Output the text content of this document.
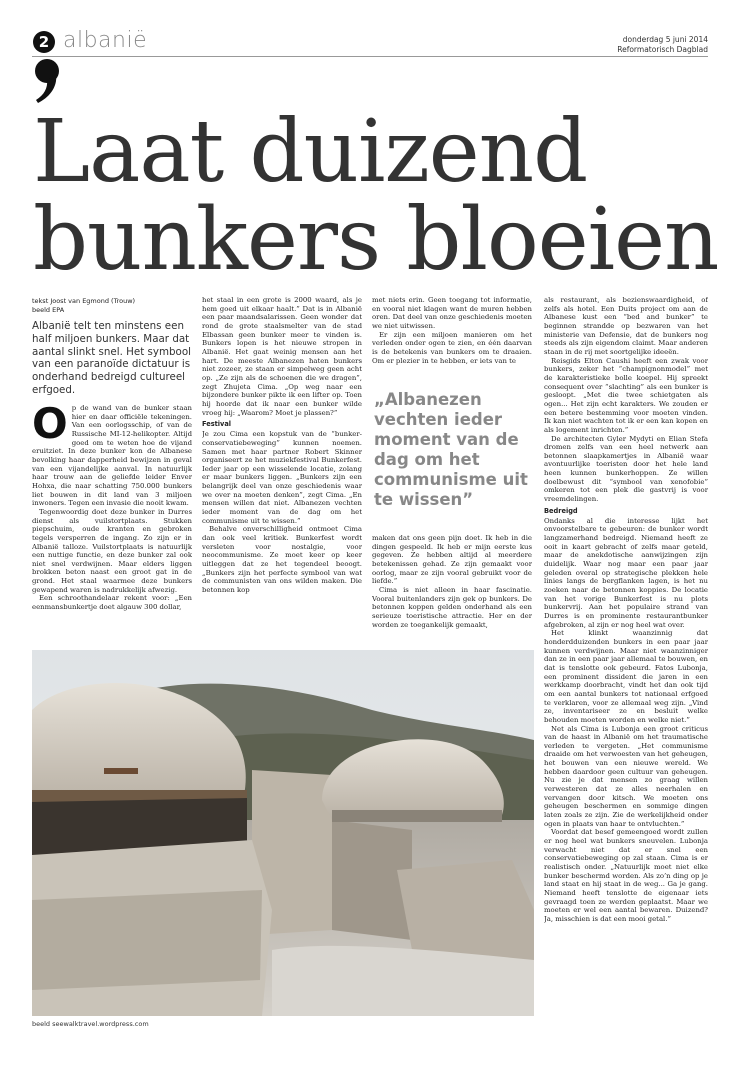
2 albanië	donderdag 5 juni 2014
Reformatorisch Dagblad
Laat duizend
bunkers bloeien
tekst Joost van Egmond (Trouw)
beeld EPA

Albanië telt ten minstens een half miljoen bunkers. Maar dat aantal slinkt snel. Het symbool van een paranoïde dictatuur is onderhand bedreigd cultureel erfgoed.

Op de wand van de bunker staan hier en daar officiële tekeningen. Van een oorlogsschip, of van de Russische MI-12-helikopter. Altijd goed om te weten hoe de vijand eruitziet. In deze bunker kon de Albanese bevolking haar dapperheid bewijzen in geval van een vijandelijke aanval. In natuurlijk haar trouw aan de geliefde leider Enver Hohxa, die naar schatting 750.000 bunkers liet bouwen in dit land van 3 miljoen inwoners. Tegen een invasie die nooit kwam.

Tegenwoordig doet deze bunker in Durres dienst als vuilstortplaats. Stukken piepschuim, oude kranten en gebroken tegels versperren de ingang. Zo zijn er in Albanië talloze. Vuilstortplaats is natuurlijk een nuttige functie, en deze bunker zal ook niet snel verdwijnen. Maar elders liggen brokken beton naast een groot gat in de grond. Het staal waarmee deze bunkers gewapend waren is nadrukkelijk afwezig.

Een schroothandelaar rekent voor: „Een eenmansbunkertje doet algauw 300 dollar,

het staal in een grote is 2000 waard, als je hem goed uit elkaar haalt.” Dat is in Albanië een paar maandsalarissen. Geen wonder dat rond de grote staalsmelter van de stad Elbassan geen bunker meer te vinden is. Bunkers lopen is het nieuwe stropen in Albanië. Het gaat weinig mensen aan het hart. De meeste Albanezen haten bunkers niet zozeer, ze staan er simpelweg geen acht op. „Ze zijn als de schoenen die we dragen”, zegt Zhujeta Cima. „Op weg naar een bijzondere bunker pikte ik een lifter op. Toen hij hoorde dat ik naar een bunker wilde vroeg hij: „Waarom? Moet je plassen?”

Festival

Je zou Cima een kopstuk van de “bunker-conservatiebeweging” kunnen noemen. Samen met haar partner Robert Skinner organiseert ze het muziekfestival Bunkerfest. Ieder jaar op een wisselende locatie, zolang er maar bunkers liggen. „Bunkers zijn een belangrijk deel van onze geschiedenis waar we over na moeten denken”, zegt Cima. „En mensen willen dat niet. Albanezen vechten ieder moment van de dag om het communisme uit te wissen.”

Behalve onverschilligheid ontmoet Cima dan ook veel kritiek. Bunkerfest wordt versleten voor nostalgie, voor neocommunisme. Ze moet keer op keer uitleggen dat ze het tegendeel beoogt. „Bunkers zijn het perfecte symbool van wat de communisten van ons wilden maken. Die betonnen kop

met niets erin. Geen toegang tot informatie, en vooral niet klagen want de muren hebben oren. Dat deel van onze geschiedenis moeten we niet uitwissen.

Er zijn een miljoen manieren om het verleden onder ogen te zien, en één daarvan is de betekenis van bunkers om te draaien. Om er plezier in te hebben, er iets van te

„Albanezen vechten ieder moment van de dag om het communisme uit te wissen”

maken dat ons geen pijn doet. Ik heb in die dingen gespeeld. Ik heb er mijn eerste kus gegeven. Ze hebben altijd al meerdere betekenissen gehad. Ze zijn gemaakt voor oorlog, maar ze zijn vooral gebruikt voor de liefde.”

Cima is niet alleen in haar fascinatie. Vooral buitenlanders zijn gek op bunkers. De betonnen koppen gelden onderhand als een serieuze toeristische attractie. Her en der worden ze toegankelijk gemaakt,

als restaurant, als bezienswaardigheid, of zelfs als hotel. Een Duits project om aan de Albanese kust een “bed and bunker” te beginnen strandde op bezwaren van het ministerie van Defensie, dat de bunkers nog steeds als zijn eigendom claimt. Maar anderen staan in de rij met soortgelijke ideeën.

Reisgids Elton Caushi heeft een zwak voor bunkers, zeker het “champignonmodel” met de karakteristieke bolle koepel. Hij spreekt consequent over “slachting” als een bunker is gesloopt. „Met die twee schietgaten als ogen... Het zijn echt karakters. We zouden er een betere bestemming voor moeten vinden. Ik kan niet wachten tot ik er een kan kopen en als logement inrichten.”

De architecten Gyler Mydyti en Elian Stefa dromen zelfs van een heel netwerk aan betonnen slaapkamertjes in Albanië waar avontuurlijke toeristen door het hele land heen kunnen bunkerhoppen. Ze willen doelbewust dit “symbool van xenofobie” omkeren tot een plek die gastvrij is voor vreemdelingen.

Bedreigd

Ondanks al die interesse lijkt het onvoorstelbare te gebeuren: de bunker wordt langzamerhand bedreigd. Niemand heeft ze ooit in kaart gebracht of zelfs maar geteld, maar de anekdotische aanwijzingen zijn duidelijk. Waar nog maar een paar jaar geleden overal op strategische plekken hele linies langs de bergflanken lagen, is het nu zoeken naar de betonnen koppies. De locatie van het vorige Bunkerfest is nu plots bunkervrij. Aan het populaire strand van Durres is en prominente restaurantbunker afgebroken, al zijn er nog heel wat over.

Het klinkt waanzinnig dat honderdduizenden bunkers in een paar jaar kunnen verdwijnen. Maar niet waanzinniger dan ze in een paar jaar allemaal te bouwen, en dat is tenslotte ook gebeurd. Fatos Lubonja, een prominent dissident die jaren in een werkkamp doorbracht, vindt het dan ook tijd om een aantal bunkers tot nationaal erfgoed te verklaren, voor ze allemaal weg zijn. „Vind ze, inventariseer ze en besluit welke behouden moeten worden en welke niet.”

Net als Cima is Lubonja een groot criticus van de haast in Albanië om het traumatische verleden te vergeten. „Het communisme draaide om het verwoesten van het geheugen, het bouwen van een nieuwe wereld. We hebben daardoor geen cultuur van geheugen. Nu zie je dat mensen zo graag willen verwesteren dat ze alles neerhalen en vervangen door kitsch. We moeten ons geheugen beschermen en sommige dingen laten zoals ze zijn. Zie de werkelijkheid onder ogen in plaats van haar te ontvluchten.”

Voordat dat besef gemeengoed wordt zullen er nog heel wat bunkers sneuvelen. Lubonja verwacht niet dat er snel een conservatiebeweging op zal staan. Cima is er realistisch onder. „Natuurlijk moet niet elke bunker beschermd worden. Als zo’n ding op je land staat en hij staat in de weg... Ga je gang. Niemand heeft tenslotte de eigenaar iets gevraagd toen ze werden geplaatst. Maar we moeten er wel een aantal bewaren. Duizend? Ja, misschien is dat een mooi getal.”

beeld seewalktravel.wordpress.com
